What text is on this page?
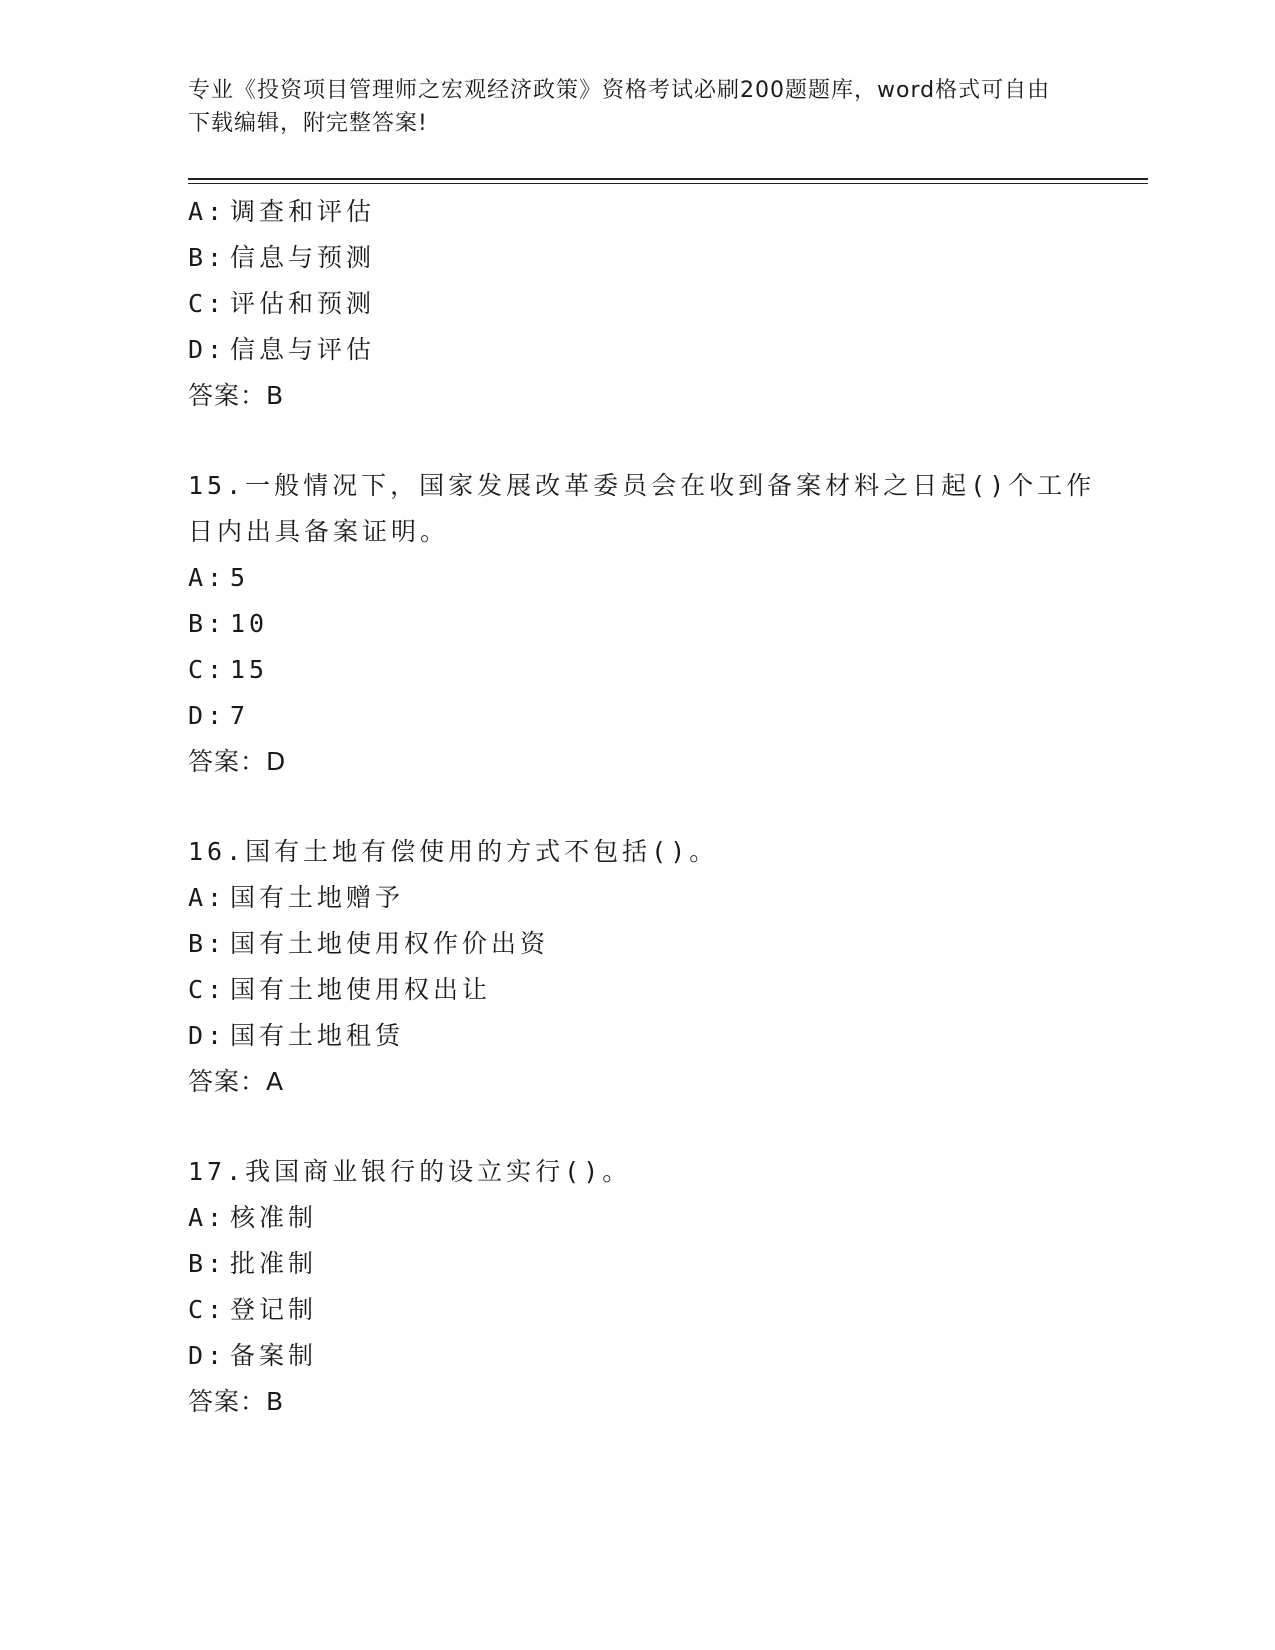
专业《投资项目管理师之宏观经济政策》资格考试必刷200题题库，word格式可自由下载编辑，附完整答案!
A: 调查和评估
B: 信息与预测
C: 评估和预测
D: 信息与评估
答案：B
15.一般情况下，国家发展改革委员会在收到备案材料之日起()个工作
日内出具备案证明。
A: 5
B: 10
C: 15
D: 7
答案：D
16.国有土地有偿使用的方式不包括()。
A: 国有土地赠予
B: 国有土地使用权作价出资
C: 国有土地使用权出让
D: 国有土地租赁
答案：A
17.我国商业银行的设立实行()。
A: 核准制
B: 批准制
C: 登记制
D: 备案制
答案：B
